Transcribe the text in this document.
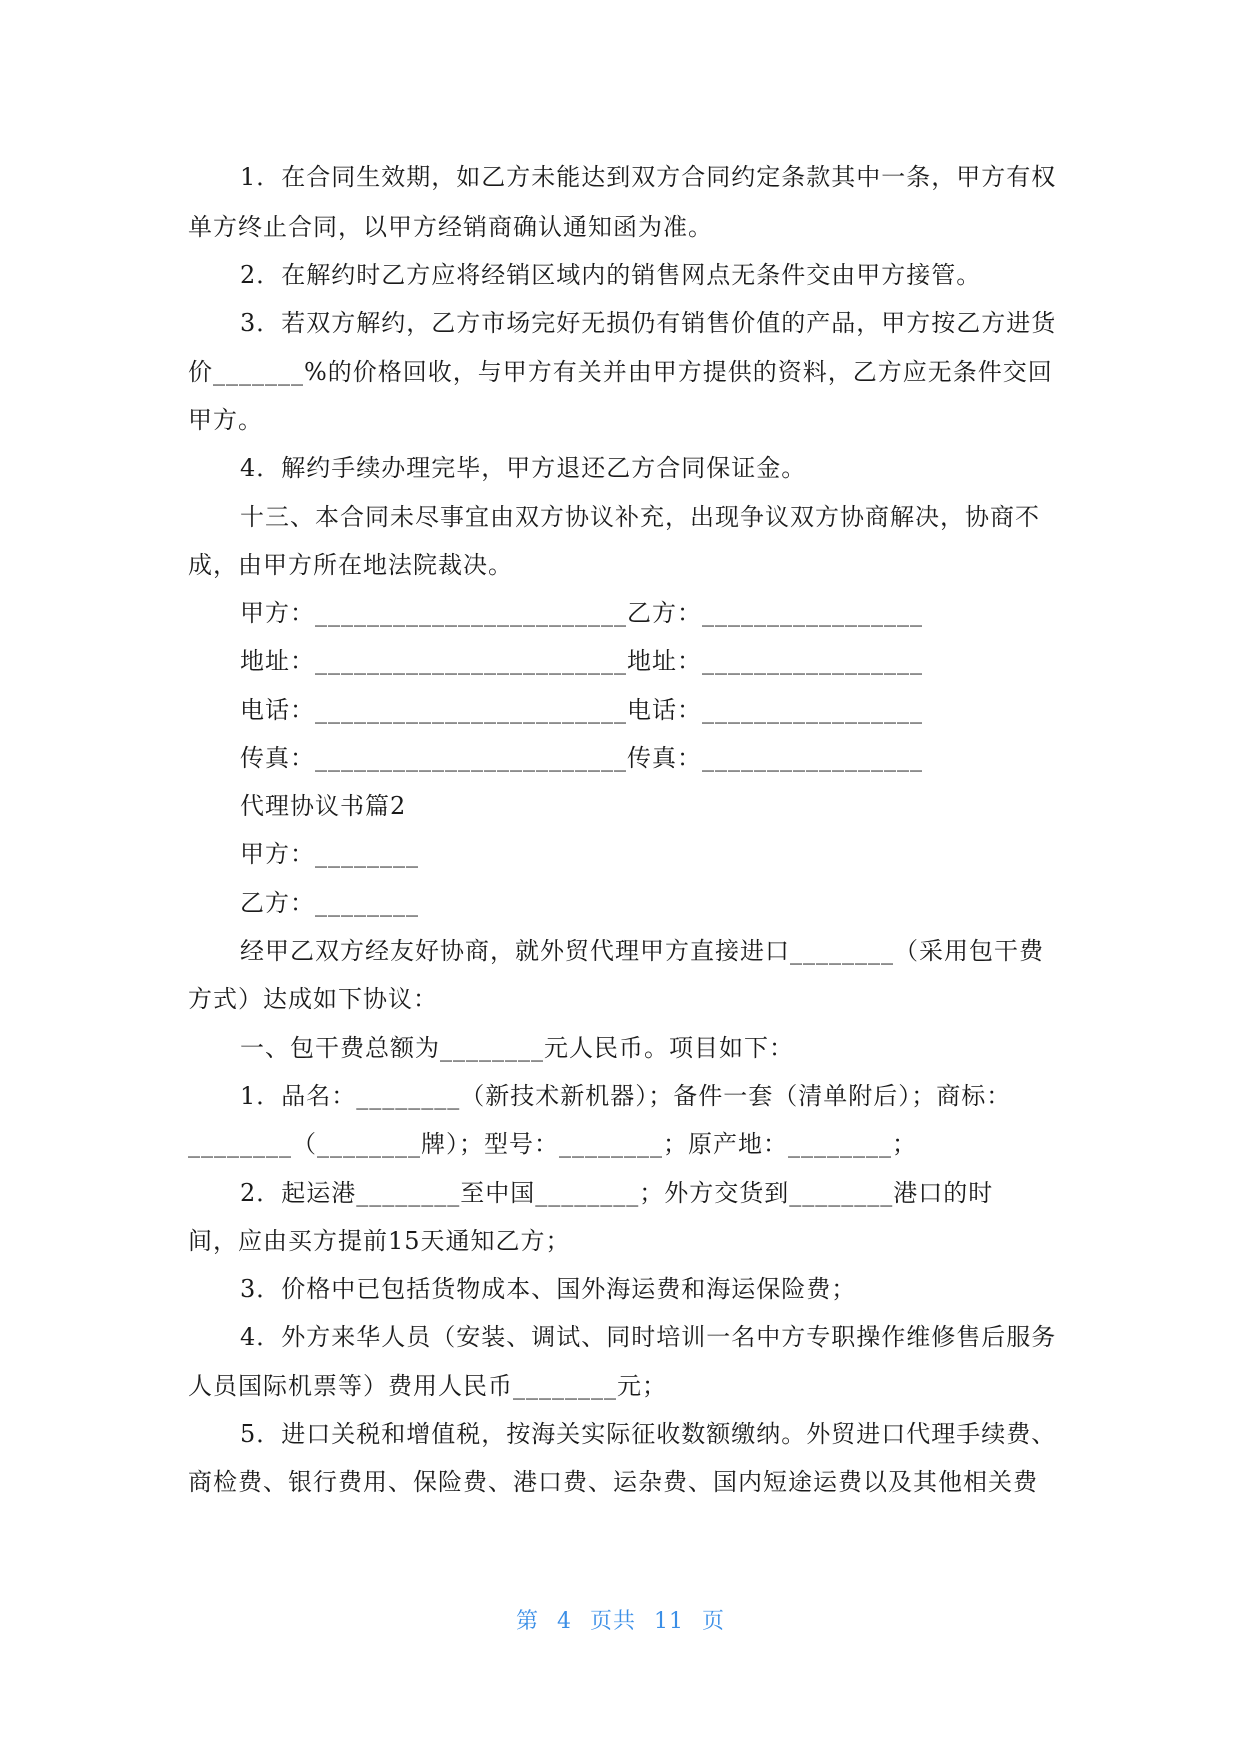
1．在合同生效期，如乙方未能达到双方合同约定条款其中一条，甲方有权
单方终止合同，以甲方经销商确认通知函为准。
2．在解约时乙方应将经销区域内的销售网点无条件交由甲方接管。
3．若双方解约，乙方市场完好无损仍有销售价值的产品，甲方按乙方进货
价_______%的价格回收，与甲方有关并由甲方提供的资料，乙方应无条件交回
甲方。
4．解约手续办理完毕，甲方退还乙方合同保证金。
十三、本合同未尽事宜由双方协议补充，出现争议双方协商解决，协商不
成，由甲方所在地法院裁决。
甲方：________________________乙方：_________________
地址：________________________地址：_________________
电话：________________________电话：_________________
传真：________________________传真：_________________
代理协议书篇2
甲方：________
乙方：________
经甲乙双方经友好协商，就外贸代理甲方直接进口________（采用包干费
方式）达成如下协议：
一、包干费总额为________元人民币。项目如下：
1．品名：________（新技术新机器）；备件一套（清单附后）；商标：
________（________牌）；型号：________；原产地：________；
2．起运港________至中国________；外方交货到________港口的时
间，应由买方提前15天通知乙方；
3．价格中已包括货物成本、国外海运费和海运保险费；
4．外方来华人员（安装、调试、同时培训一名中方专职操作维修售后服务
人员国际机票等）费用人民币________元；
5．进口关税和增值税，按海关实际征收数额缴纳。外贸进口代理手续费、
商检费、银行费用、保险费、港口费、运杂费、国内短途运费以及其他相关费
第 4 页共 11 页
